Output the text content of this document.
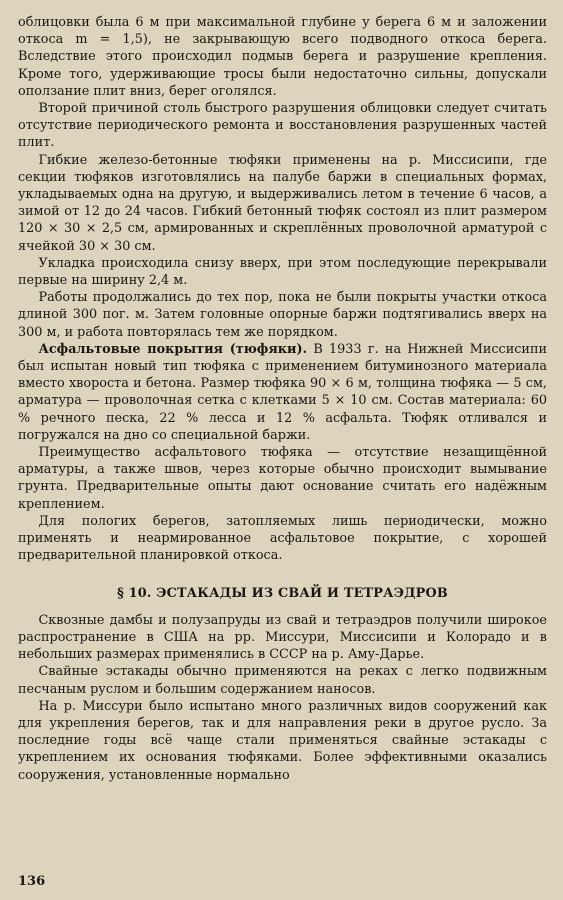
облицовки была 6 м при максимальной глубине у берега 6 м и заложении откоса m = 1,5), не закрывающую всего подводного откоса берега. Вследствие этого происходил подмыв берега и разрушение крепления. Кроме того, удерживающие тросы были недостаточно сильны, допускали оползание плит вниз, берег оголялся.

Второй причиной столь быстрого разрушения облицовки следует считать отсутствие периодического ремонта и восстановления разрушенных частей плит.

Гибкие железо-бетонные тюфяки применены на р. Миссисипи, где секции тюфяков изготовлялись на палубе баржи в специальных формах, укладываемых одна на другую, и выдерживались летом в течение 6 часов, а зимой от 12 до 24 часов. Гибкий бетонный тюфяк состоял из плит размером 120 × 30 × 2,5 см, армированных и скреплённых проволочной арматурой с ячейкой 30 × 30 см.

Укладка происходила снизу вверх, при этом последующие перекрывали первые на ширину 2,4 м.

Работы продолжались до тех пор, пока не были покрыты участки откоса длиной 300 пог. м. Затем головные опорные баржи подтягивались вверх на 300 м, и работа повторялась тем же порядком.

Асфальтовые покрытия (тюфяки). В 1933 г. на Нижней Миссисипи был испытан новый тип тюфяка с применением битуминозного материала вместо хвороста и бетона. Размер тюфяка 90 × 6 м, толщина тюфяка — 5 см, арматура — проволочная сетка с клетками 5 × 10 см. Состав материала: 60 % речного песка, 22 % лесса и 12 % асфальта. Тюфяк отливался и погружался на дно со специальной баржи.

Преимущество асфальтового тюфяка — отсутствие незащищённой арматуры, а также швов, через которые обычно происходит вымывание грунта. Предварительные опыты дают основание считать его надёжным креплением.

Для пологих берегов, затопляемых лишь периодически, можно применять и неармированное асфальтовое покрытие, с хорошей предварительной планировкой откоса.

§ 10. ЭСТАКАДЫ ИЗ СВАЙ И ТЕТРАЭДРОВ

Сквозные дамбы и полузапруды из свай и тетраэдров получили широкое распространение в США на рр. Миссури, Миссисипи и Колорадо и в небольших размерах применялись в СССР на р. Аму-Дарье.

Свайные эстакады обычно применяются на реках с легко подвижным песчаным руслом и большим содержанием наносов.

На р. Миссури было испытано много различных видов сооружений как для укрепления берегов, так и для направления реки в другое русло. За последние годы всё чаще стали применяться свайные эстакады с укреплением их основания тюфяками. Более эффективными оказались сооружения, установленные нормально

136
